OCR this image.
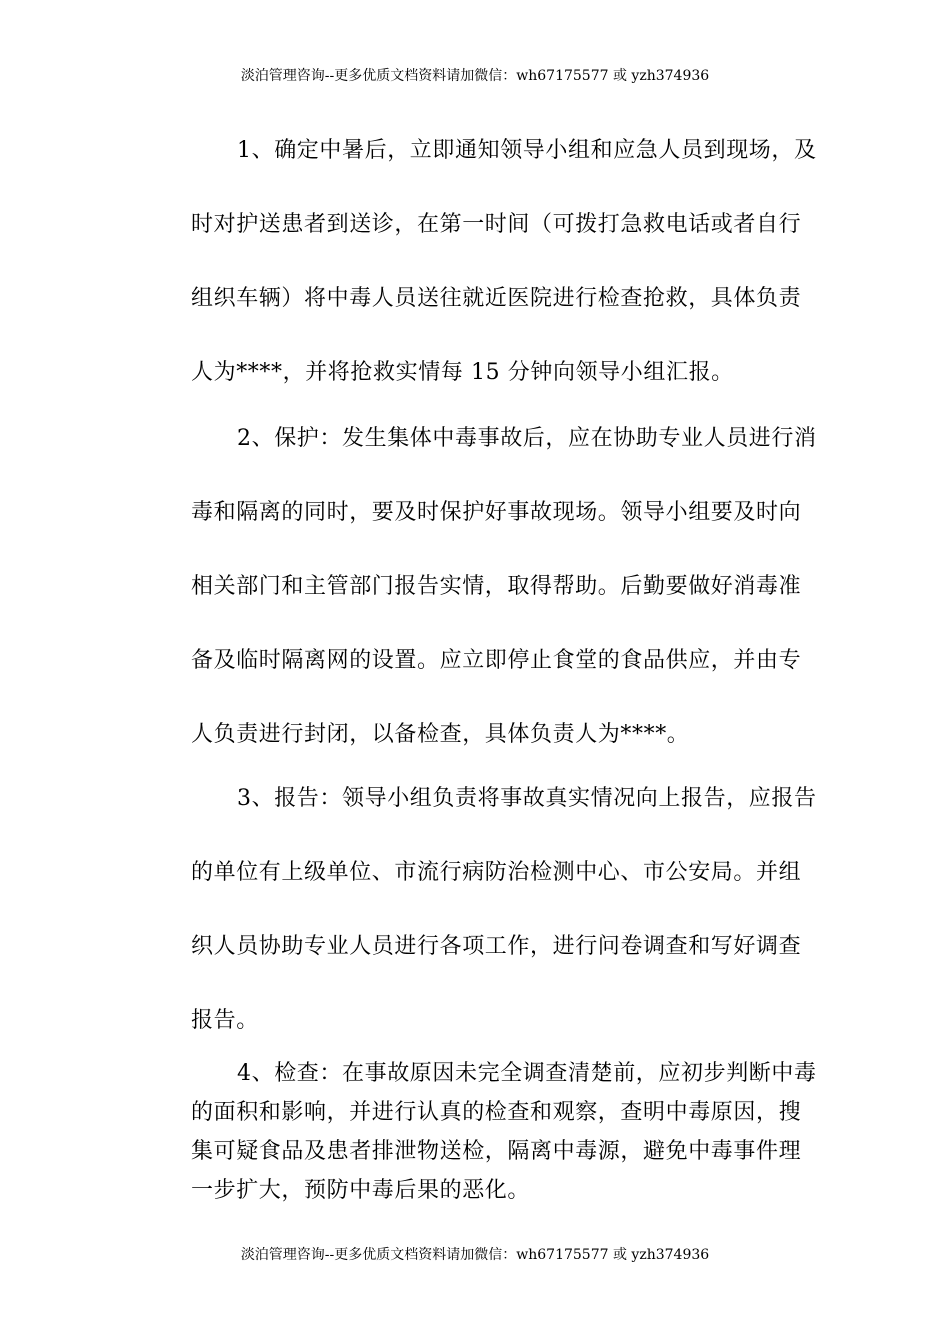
淡泊管理咨询--更多优质文档资料请加微信：wh67175577 或 yzh374936
1、确定中暑后，立即通知领导小组和应急人员到现场，及
时对护送患者到送诊，在第一时间（可拨打急救电话或者自行
组织车辆）将中毒人员送往就近医院进行检查抢救，具体负责
人为****，并将抢救实情每 15 分钟向领导小组汇报。
2、保护：发生集体中毒事故后，应在协助专业人员进行消
毒和隔离的同时，要及时保护好事故现场。领导小组要及时向
相关部门和主管部门报告实情，取得帮助。后勤要做好消毒准
备及临时隔离网的设置。应立即停止食堂的食品供应，并由专
人负责进行封闭，以备检查，具体负责人为****。
3、报告：领导小组负责将事故真实情况向上报告，应报告
的单位有上级单位、市流行病防治检测中心、市公安局。并组
织人员协助专业人员进行各项工作，进行问卷调查和写好调查
报告。
4、检查：在事故原因未完全调查清楚前，应初步判断中毒
的面积和影响，并进行认真的检查和观察，查明中毒原因，搜
集可疑食品及患者排泄物送检，隔离中毒源，避免中毒事件理
一步扩大，预防中毒后果的恶化。
淡泊管理咨询--更多优质文档资料请加微信：wh67175577 或 yzh374936
